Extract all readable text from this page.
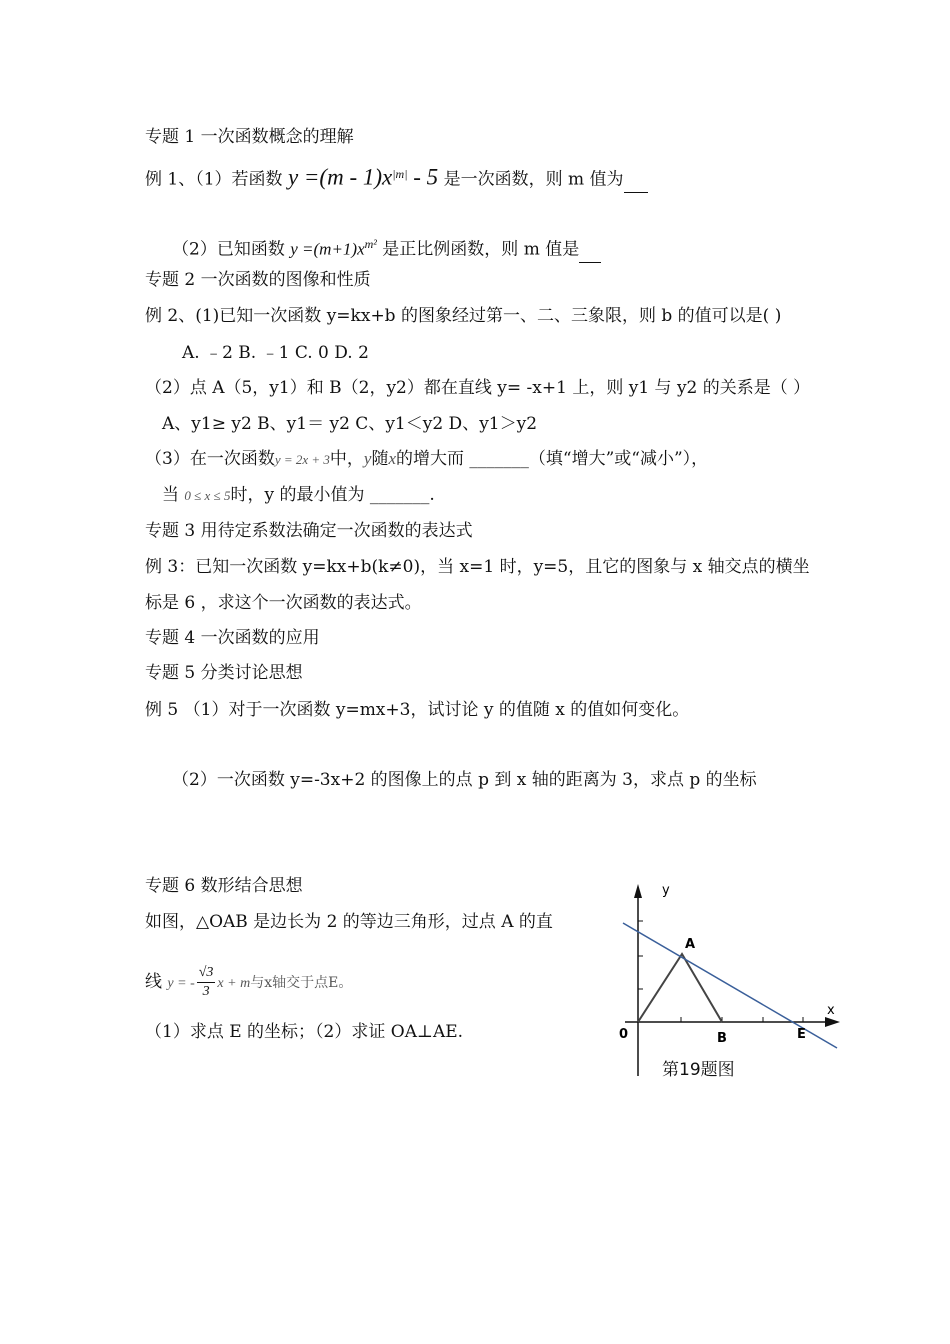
专题 1 一次函数概念的理解
例 1、（1）若函数 $y =(m - 1)x^{|m|} - 5$ 是一次函数，则 m 值为
（2）已知函数 $y =(m+1)x^{m^2}$ 是正比例函数，则 m 值是
专题 2 一次函数的图像和性质
例 2、(1)已知一次函数 y=kx+b 的图象经过第一、二、三象限，则 b 的值可以是( )
A. ﹣2 B. ﹣1 C. 0 D. 2
（2）点 A（5，y1）和 B（2，y2）都在直线 y= -x+1 上，则 y1 与 y2 的关系是（ ）
A、y1≥ y2 B、y1＝ y2 C、y1＜y2 D、y1＞y2
（3）在一次函数y = 2x + 3中，y随x的增大而 _______（填“增大”或“减小”），
当 0 ≤ x ≤ 5时，y 的最小值为 _______.
专题 3 用待定系数法确定一次函数的表达式
例 3：已知一次函数 y=kx+b(k≠0)，当 x=1 时，y=5，且它的图象与 x 轴交点的横坐
标是 6 ，求这个一次函数的表达式。
专题 4 一次函数的应用
专题 5 分类讨论思想
例 5 （1）对于一次函数 y=mx+3，试讨论 y 的值随 x 的值如何变化。
（2）一次函数 y=-3x+2 的图像上的点 p 到 x 轴的距离为 3，求点 p 的坐标
专题 6 数形结合思想
如图，△OAB 是边长为 2 的等边三角形，过点 A 的直
线 y = - $\frac{√3}{3}$ x + m与x轴交于点E。
（1）求点 E 的坐标；（2）求证 OA⊥AE.
y
x
A
0	B	E
第19题图
